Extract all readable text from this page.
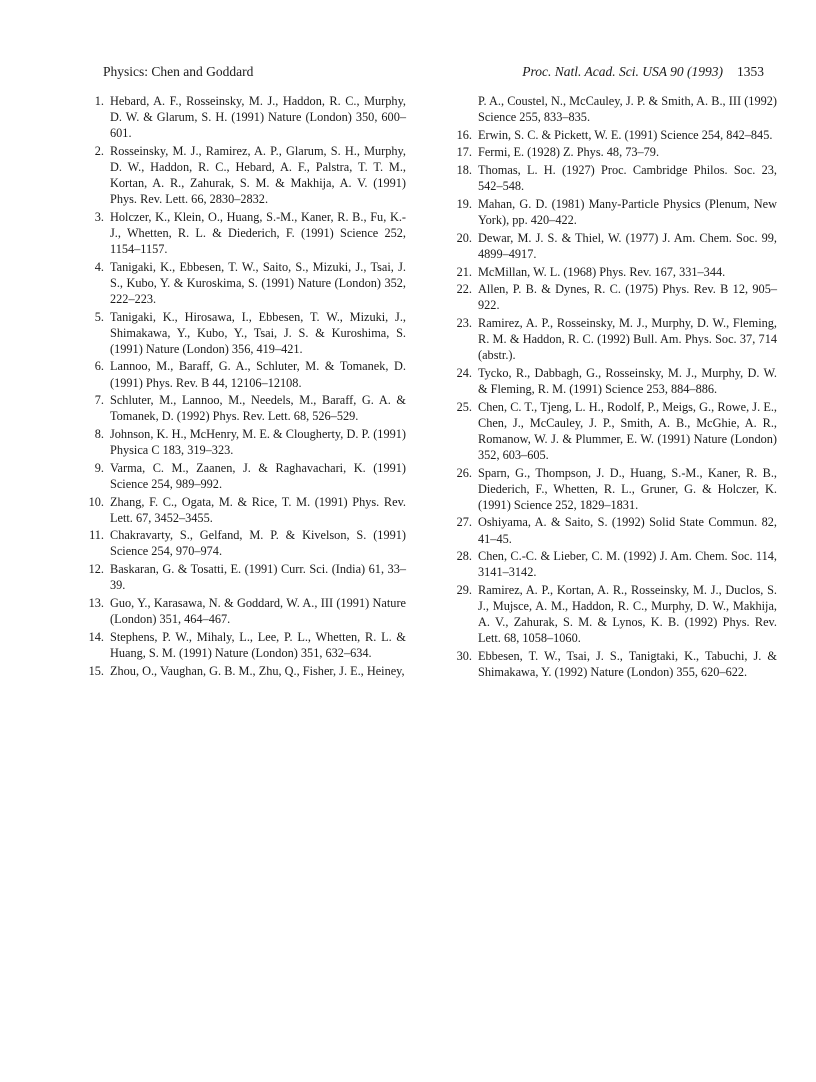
Physics: Chen and Goddard	Proc. Natl. Acad. Sci. USA 90 (1993) 1353
1. Hebard, A. F., Rosseinsky, M. J., Haddon, R. C., Murphy, D. W. & Glarum, S. H. (1991) Nature (London) 350, 600–601.
2. Rosseinsky, M. J., Ramirez, A. P., Glarum, S. H., Murphy, D. W., Haddon, R. C., Hebard, A. F., Palstra, T. T. M., Kortan, A. R., Zahurak, S. M. & Makhija, A. V. (1991) Phys. Rev. Lett. 66, 2830–2832.
3. Holczer, K., Klein, O., Huang, S.-M., Kaner, R. B., Fu, K.-J., Whetten, R. L. & Diederich, F. (1991) Science 252, 1154–1157.
4. Tanigaki, K., Ebbesen, T. W., Saito, S., Mizuki, J., Tsai, J. S., Kubo, Y. & Kuroskima, S. (1991) Nature (London) 352, 222–223.
5. Tanigaki, K., Hirosawa, I., Ebbesen, T. W., Mizuki, J., Shimakawa, Y., Kubo, Y., Tsai, J. S. & Kuroshima, S. (1991) Nature (London) 356, 419–421.
6. Lannoo, M., Baraff, G. A., Schluter, M. & Tomanek, D. (1991) Phys. Rev. B 44, 12106–12108.
7. Schluter, M., Lannoo, M., Needels, M., Baraff, G. A. & Tomanek, D. (1992) Phys. Rev. Lett. 68, 526–529.
8. Johnson, K. H., McHenry, M. E. & Clougherty, D. P. (1991) Physica C 183, 319–323.
9. Varma, C. M., Zaanen, J. & Raghavachari, K. (1991) Science 254, 989–992.
10. Zhang, F. C., Ogata, M. & Rice, T. M. (1991) Phys. Rev. Lett. 67, 3452–3455.
11. Chakravarty, S., Gelfand, M. P. & Kivelson, S. (1991) Science 254, 970–974.
12. Baskaran, G. & Tosatti, E. (1991) Curr. Sci. (India) 61, 33–39.
13. Guo, Y., Karasawa, N. & Goddard, W. A., III (1991) Nature (London) 351, 464–467.
14. Stephens, P. W., Mihaly, L., Lee, P. L., Whetten, R. L. & Huang, S. M. (1991) Nature (London) 351, 632–634.
15. Zhou, O., Vaughan, G. B. M., Zhu, Q., Fisher, J. E., Heiney,
P. A., Coustel, N., McCauley, J. P. & Smith, A. B., III (1992) Science 255, 833–835.
16. Erwin, S. C. & Pickett, W. E. (1991) Science 254, 842–845.
17. Fermi, E. (1928) Z. Phys. 48, 73–79.
18. Thomas, L. H. (1927) Proc. Cambridge Philos. Soc. 23, 542–548.
19. Mahan, G. D. (1981) Many-Particle Physics (Plenum, New York), pp. 420–422.
20. Dewar, M. J. S. & Thiel, W. (1977) J. Am. Chem. Soc. 99, 4899–4917.
21. McMillan, W. L. (1968) Phys. Rev. 167, 331–344.
22. Allen, P. B. & Dynes, R. C. (1975) Phys. Rev. B 12, 905–922.
23. Ramirez, A. P., Rosseinsky, M. J., Murphy, D. W., Fleming, R. M. & Haddon, R. C. (1992) Bull. Am. Phys. Soc. 37, 714 (abstr.).
24. Tycko, R., Dabbagh, G., Rosseinsky, M. J., Murphy, D. W. & Fleming, R. M. (1991) Science 253, 884–886.
25. Chen, C. T., Tjeng, L. H., Rodolf, P., Meigs, G., Rowe, J. E., Chen, J., McCauley, J. P., Smith, A. B., McGhie, A. R., Romanow, W. J. & Plummer, E. W. (1991) Nature (London) 352, 603–605.
26. Sparn, G., Thompson, J. D., Huang, S.-M., Kaner, R. B., Diederich, F., Whetten, R. L., Gruner, G. & Holczer, K. (1991) Science 252, 1829–1831.
27. Oshiyama, A. & Saito, S. (1992) Solid State Commun. 82, 41–45.
28. Chen, C.-C. & Lieber, C. M. (1992) J. Am. Chem. Soc. 114, 3141–3142.
29. Ramirez, A. P., Kortan, A. R., Rosseinsky, M. J., Duclos, S. J., Mujsce, A. M., Haddon, R. C., Murphy, D. W., Makhija, A. V., Zahurak, S. M. & Lynos, K. B. (1992) Phys. Rev. Lett. 68, 1058–1060.
30. Ebbesen, T. W., Tsai, J. S., Tanigtaki, K., Tabuchi, J. & Shimakawa, Y. (1992) Nature (London) 355, 620–622.
